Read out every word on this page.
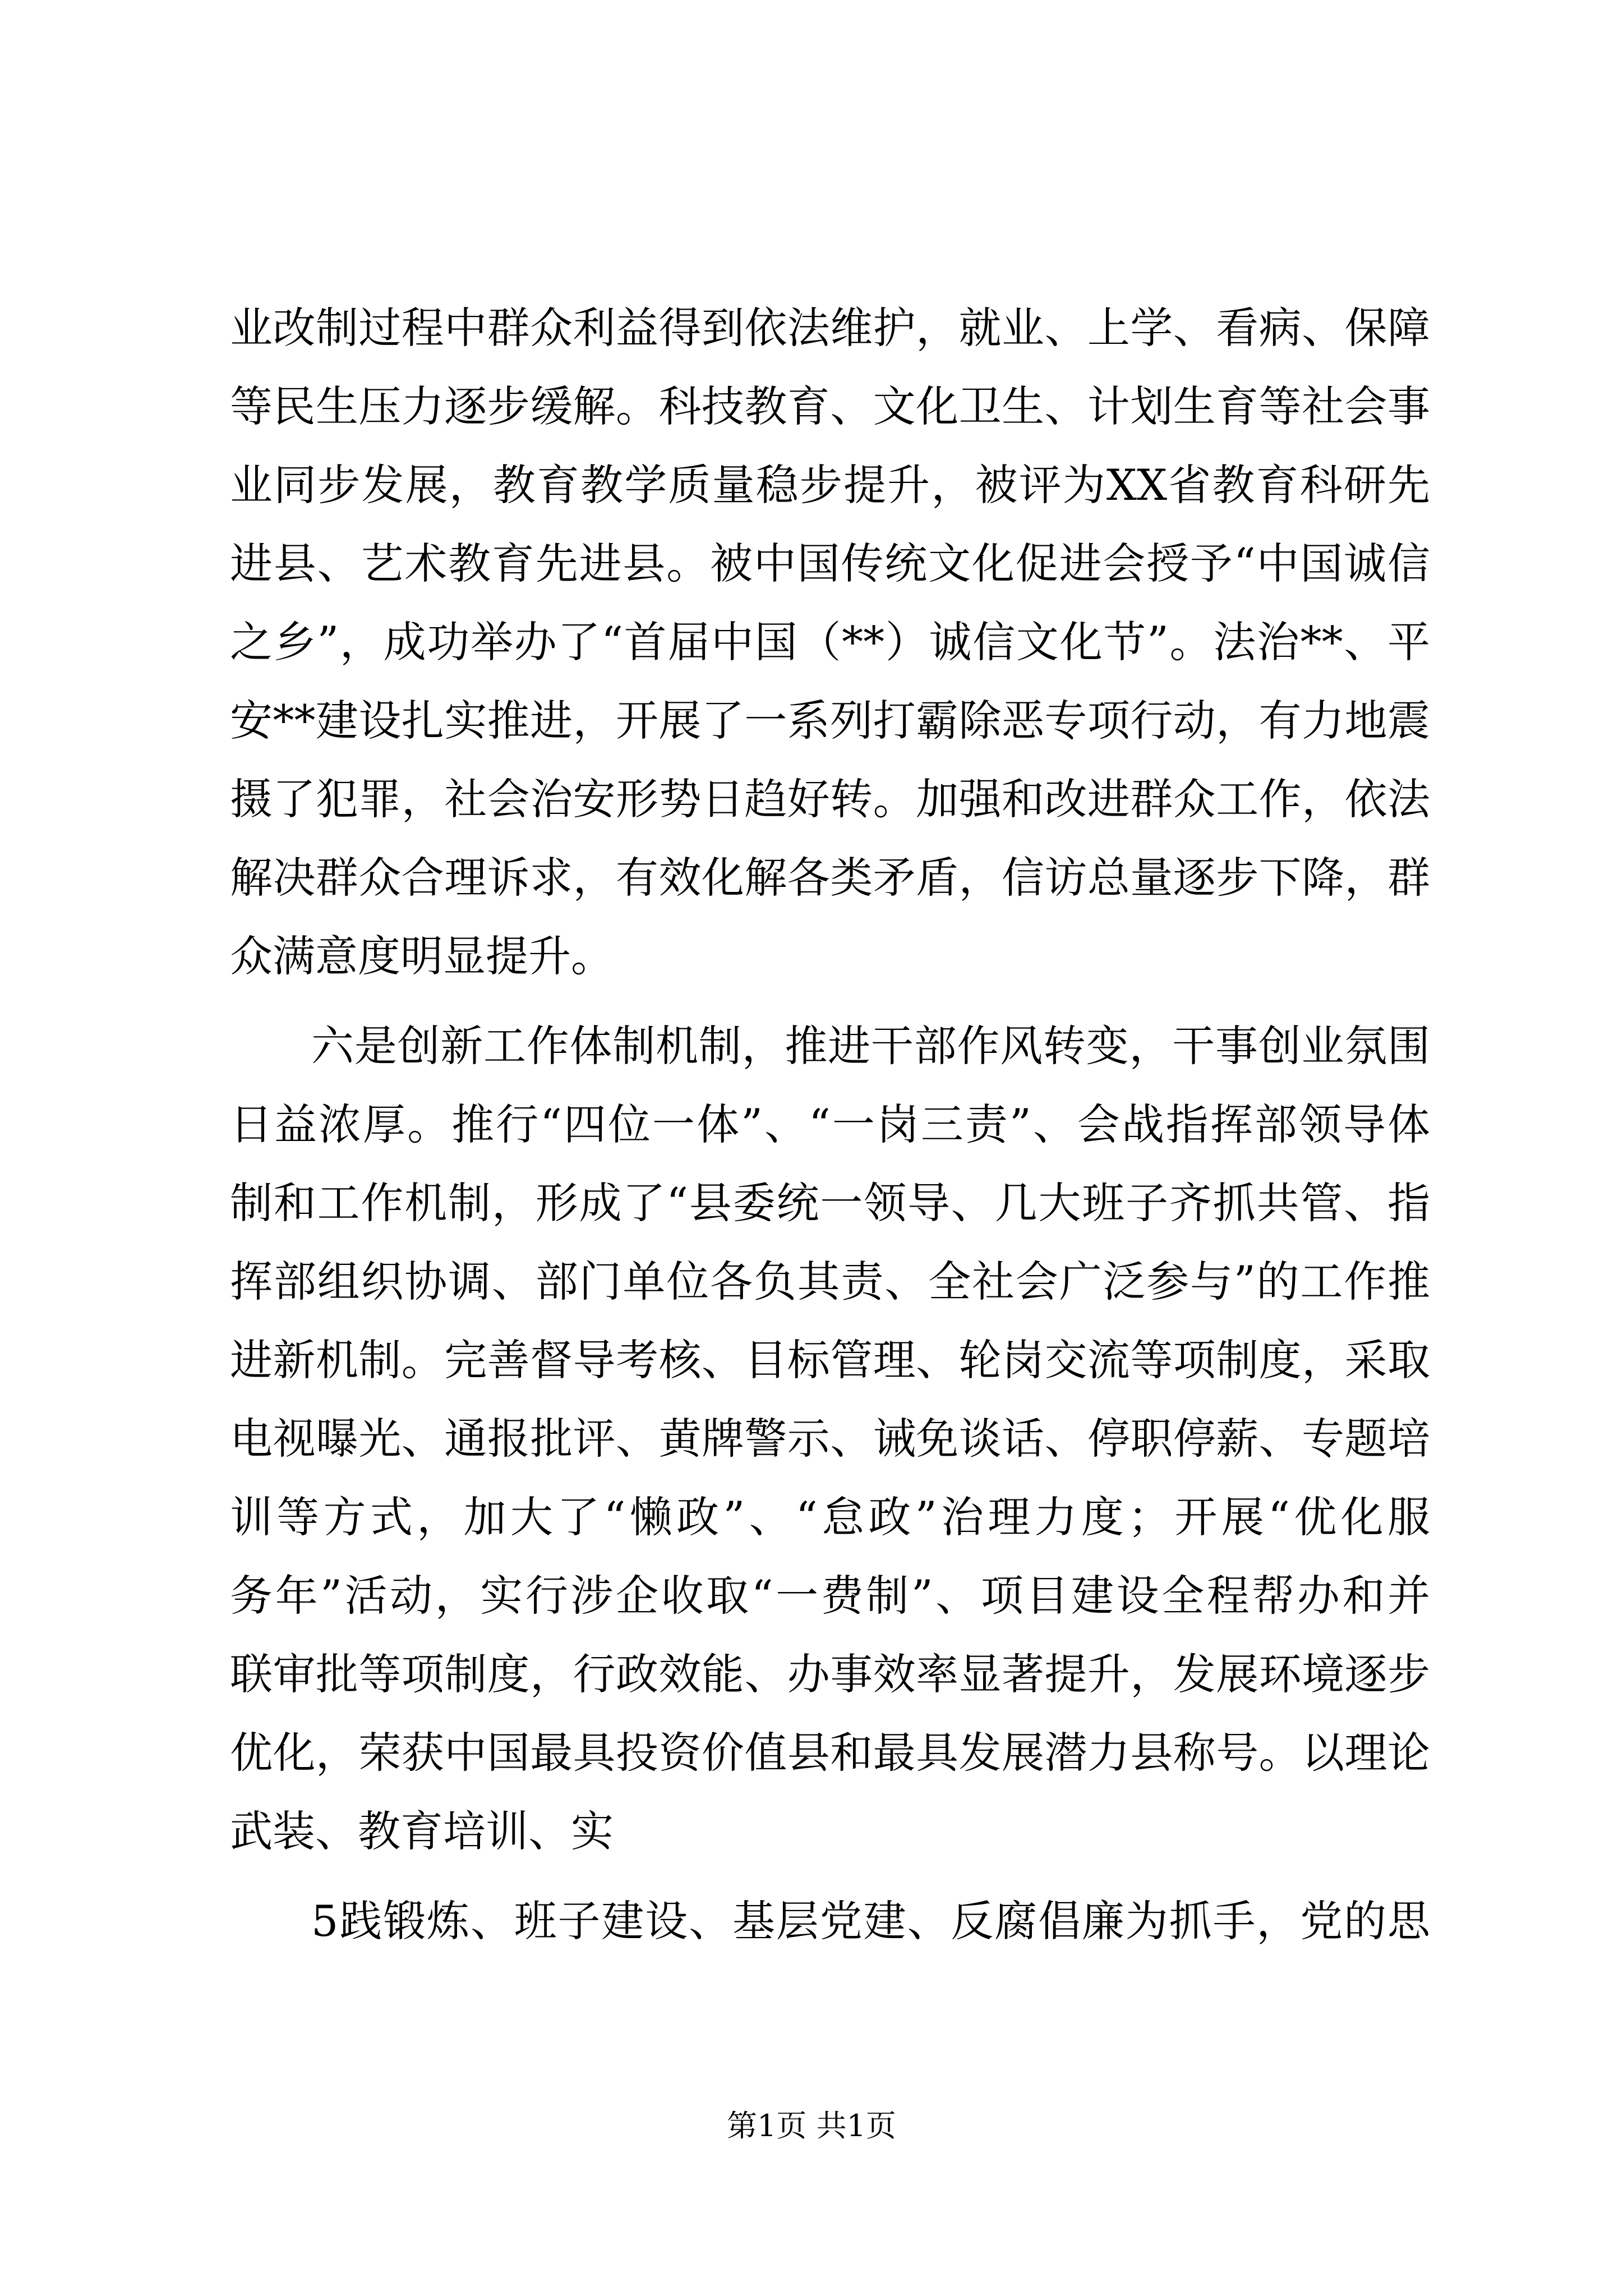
业改制过程中群众利益得到依法维护，就业、上学、看病、保障
等民生压力逐步缓解。科技教育、文化卫生、计划生育等社会事
业同步发展，教育教学质量稳步提升，被评为XX省教育科研先
进县、艺术教育先进县。被中国传统文化促进会授予“中国诚信
之乡”，成功举办了“首届中国（**）诚信文化节”。法治**、平
安**建设扎实推进，开展了一系列打霸除恶专项行动，有力地震
摄了犯罪，社会治安形势日趋好转。加强和改进群众工作，依法
解决群众合理诉求，有效化解各类矛盾，信访总量逐步下降，群
众满意度明显提升。
六是创新工作体制机制，推进干部作风转变，干事创业氛围
日益浓厚。推行“四位一体”、“一岗三责”、会战指挥部领导体
制和工作机制，形成了“县委统一领导、几大班子齐抓共管、指
挥部组织协调、部门单位各负其责、全社会广泛参与”的工作推
进新机制。完善督导考核、目标管理、轮岗交流等项制度，采取
电视曝光、通报批评、黄牌警示、诫免谈话、停职停薪、专题培
训等方式，加大了“懒政”、“怠政”治理力度；开展“优化服
务年”活动，实行涉企收取“一费制”、项目建设全程帮办和并
联审批等项制度，行政效能、办事效率显著提升，发展环境逐步
优化，荣获中国最具投资价值县和最具发展潜力县称号。以理论
武装、教育培训、实
5践锻炼、班子建设、基层党建、反腐倡廉为抓手，党的思
第1页 共1页
